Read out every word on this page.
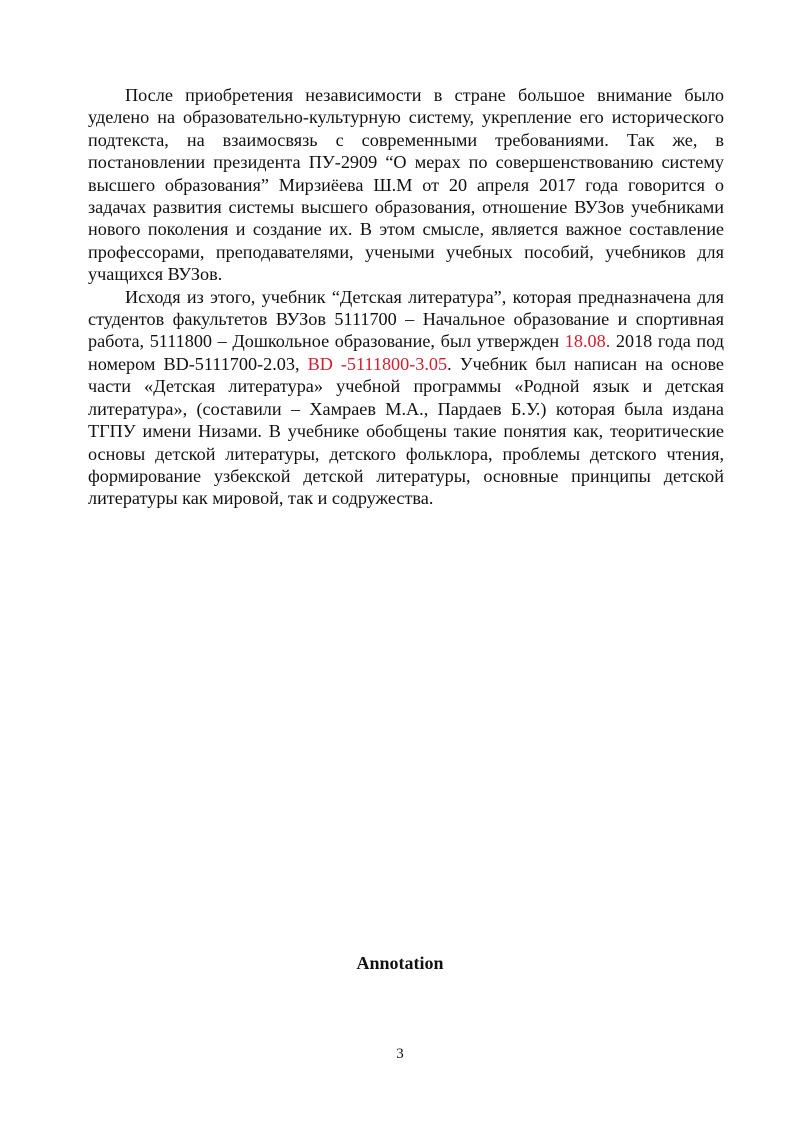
После приобретения независимости в стране большое внимание было уделено на образовательно-культурную систему, укрепление его исторического подтекста, на взаимосвязь с современными требованиями. Так же, в постановлении президента ПУ-2909 “О мерах по совершенствованию систему высшего образования” Мирзиёева Ш.М от 20 апреля 2017 года говорится о задачах развития системы высшего образования, отношение ВУЗов учебниками нового поколения и создание их. В этом смысле, является важное составление профессорами, преподавателями, учеными учебных пособий, учебников для учащихся ВУЗов.

Исходя из этого, учебник “Детская литература”, которая предназначена для студентов факультетов ВУЗов 5111700 – Начальное образование и спортивная работа, 5111800 – Дошкольное образование, был утвержден 18.08. 2018 года под номером BD-5111700-2.03, BD -5111800-3.05. Учебник был написан на основе части «Детская литература» учебной программы «Родной язык и детская литература», (составили – Хамраев М.А., Пардаев Б.У.) которая была издана ТГПУ имени Низами. В учебнике обобщены такие понятия как, теоритические основы детской литературы, детского фольклора, проблемы детского чтения, формирование узбекской детской литературы, основные принципы детской литературы как мировой, так и содружества.

Annotation
3
